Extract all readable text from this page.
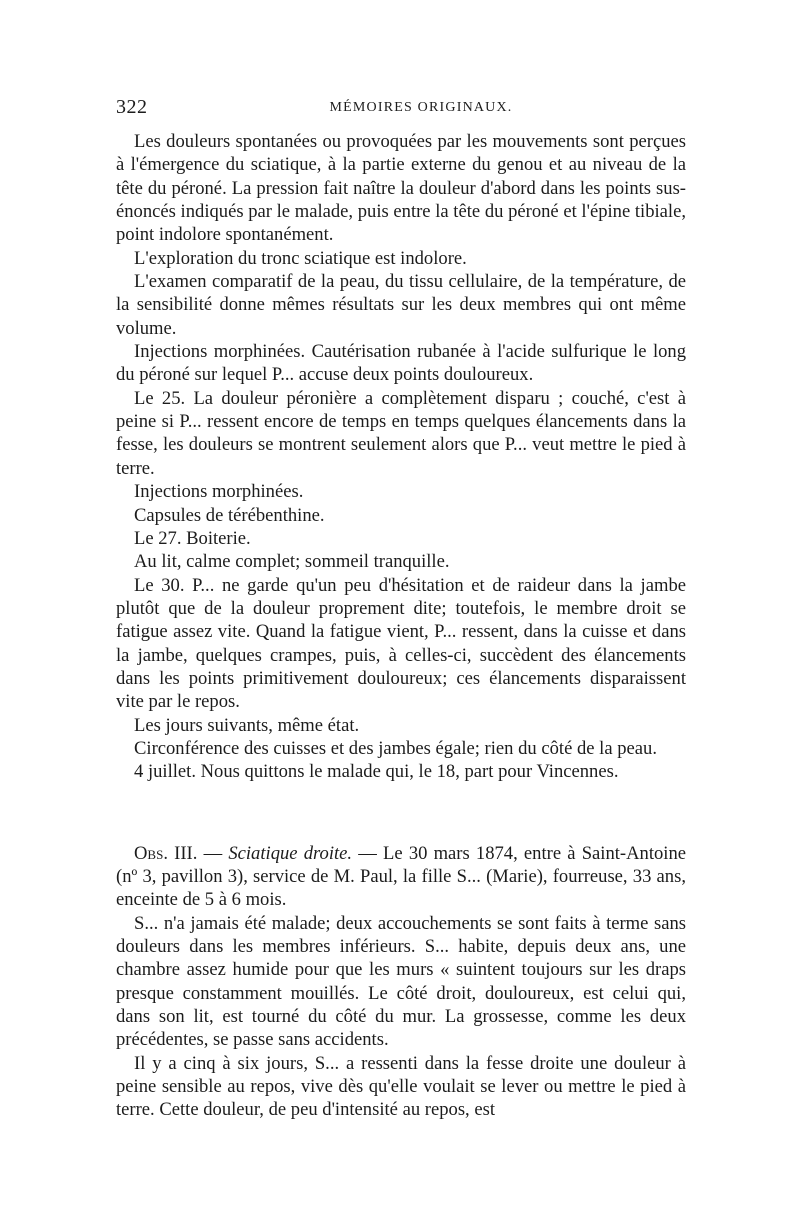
322	MÉMOIRES ORIGINAUX.

Les douleurs spontanées ou provoquées par les mouvements sont perçues à l'émergence du sciatique, à la partie externe du genou et au niveau de la tête du péroné. La pression fait naître la douleur d'abord dans les points sus-énoncés indiqués par le malade, puis entre la tête du péroné et l'épine tibiale, point indolore spontanément.

L'exploration du tronc sciatique est indolore.

L'examen comparatif de la peau, du tissu cellulaire, de la température, de la sensibilité donne mêmes résultats sur les deux membres qui ont même volume.

Injections morphinées. Cautérisation rubanée à l'acide sulfurique le long du péroné sur lequel P... accuse deux points douloureux.

Le 25. La douleur péronière a complètement disparu ; couché, c'est à peine si P... ressent encore de temps en temps quelques élancements dans la fesse, les douleurs se montrent seulement alors que P... veut mettre le pied à terre.

Injections morphinées.

Capsules de térébenthine.

Le 27. Boiterie.

Au lit, calme complet; sommeil tranquille.

Le 30. P... ne garde qu'un peu d'hésitation et de raideur dans la jambe plutôt que de la douleur proprement dite; toutefois, le membre droit se fatigue assez vite. Quand la fatigue vient, P... ressent, dans la cuisse et dans la jambe, quelques crampes, puis, à celles-ci, succèdent des élancements dans les points primitivement douloureux; ces élancements disparaissent vite par le repos.

Les jours suivants, même état.

Circonférence des cuisses et des jambes égale; rien du côté de la peau.

4 juillet. Nous quittons le malade qui, le 18, part pour Vincennes.

Obs. III. — Sciatique droite. — Le 30 mars 1874, entre à Saint-Antoine (nº 3, pavillon 3), service de M. Paul, la fille S... (Marie), fourreuse, 33 ans, enceinte de 5 à 6 mois.

S... n'a jamais été malade; deux accouchements se sont faits à terme sans douleurs dans les membres inférieurs. S... habite, depuis deux ans, une chambre assez humide pour que les murs « suintent toujours sur les draps presque constamment mouillés. Le côté droit, douloureux, est celui qui, dans son lit, est tourné du côté du mur. La grossesse, comme les deux précédentes, se passe sans accidents.

Il y a cinq à six jours, S... a ressenti dans la fesse droite une douleur à peine sensible au repos, vive dès qu'elle voulait se lever ou mettre le pied à terre. Cette douleur, de peu d'intensité au repos, est
